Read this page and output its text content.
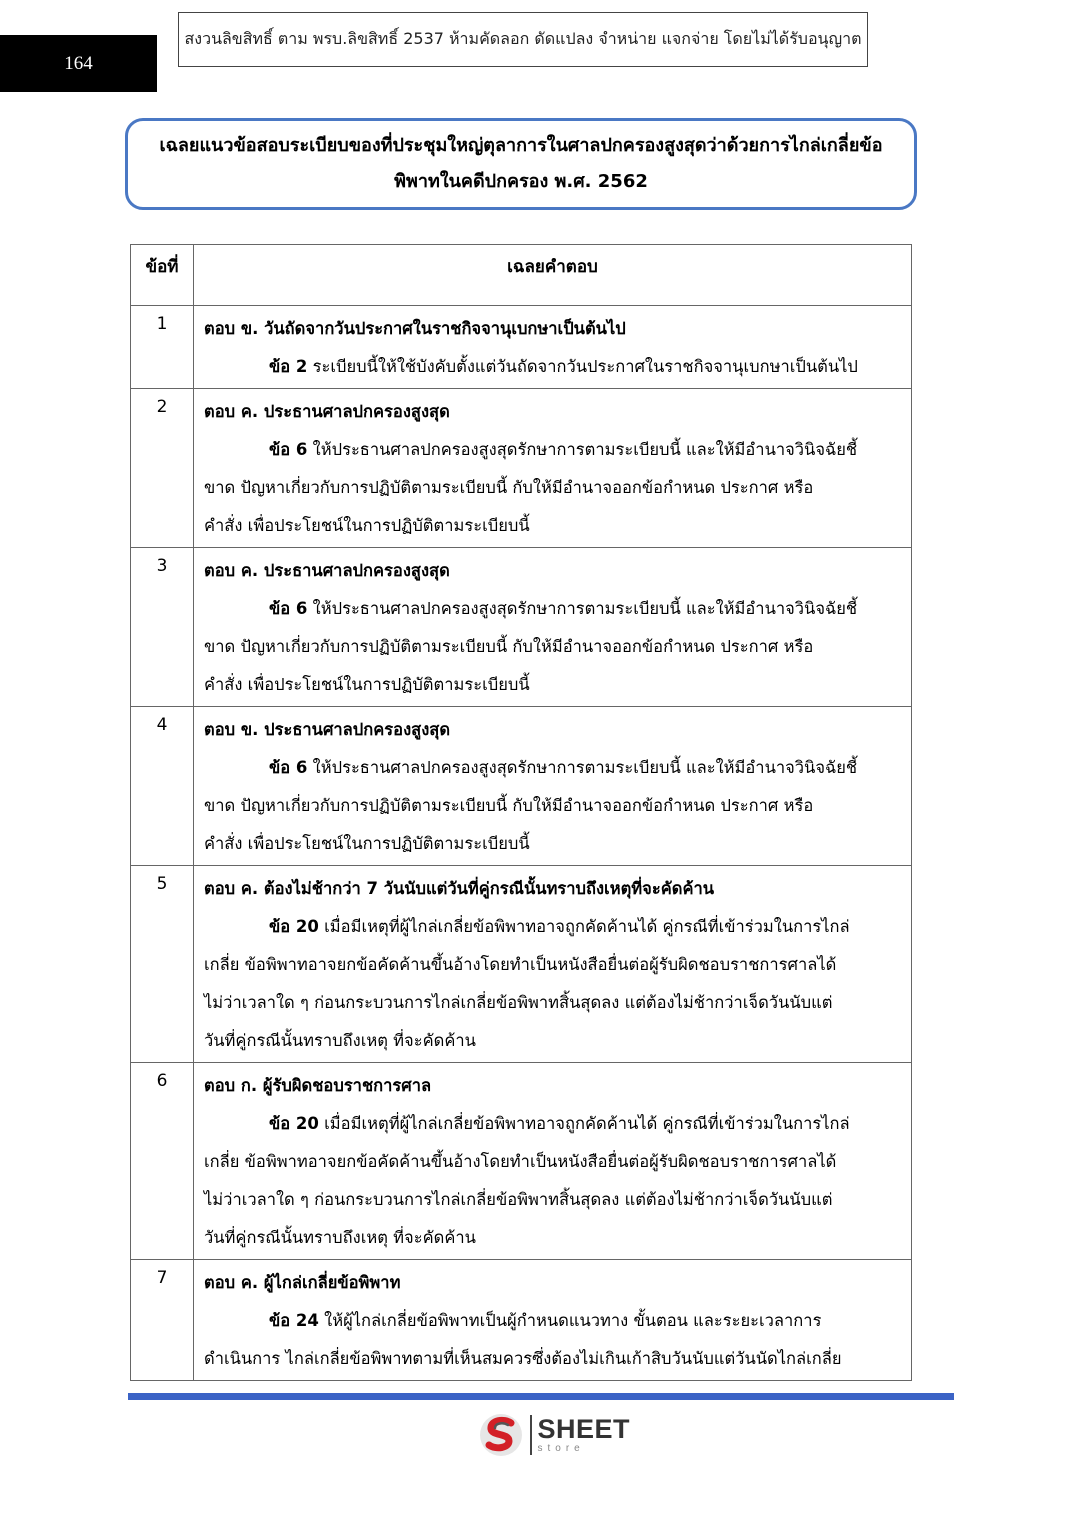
164
สงวนลิขสิทธิ์ ตาม พรบ.ลิขสิทธิ์ 2537 ห้ามคัดลอก ดัดแปลง จำหน่าย แจกจ่าย โดยไม่ได้รับอนุญาต
เฉลยแนวข้อสอบระเบียบของที่ประชุมใหญ่ตุลาการในศาลปกครองสูงสุดว่าด้วยการไกล่เกลี่ยข้อ
พิพาทในคดีปกครอง พ.ศ. 2562
ข้อที่	เฉลยคำตอบ
1	ตอบ ข. วันถัดจากวันประกาศในราชกิจจานุเบกษาเป็นต้นไป
ข้อ 2 ระเบียบนี้ให้ใช้บังคับตั้งแต่วันถัดจากวันประกาศในราชกิจจานุเบกษาเป็นต้นไป

2	ตอบ ค. ประธานศาลปกครองสูงสุด
ข้อ 6 ให้ประธานศาลปกครองสูงสุดรักษาการตามระเบียบนี้ และให้มีอำนาจวินิจฉัยชี้
ขาด ปัญหาเกี่ยวกับการปฏิบัติตามระเบียบนี้ กับให้มีอำนาจออกข้อกำหนด ประกาศ หรือ
คำสั่ง เพื่อประโยชน์ในการปฏิบัติตามระเบียบนี้

3	ตอบ ค. ประธานศาลปกครองสูงสุด
ข้อ 6 ให้ประธานศาลปกครองสูงสุดรักษาการตามระเบียบนี้ และให้มีอำนาจวินิจฉัยชี้
ขาด ปัญหาเกี่ยวกับการปฏิบัติตามระเบียบนี้ กับให้มีอำนาจออกข้อกำหนด ประกาศ หรือ
คำสั่ง เพื่อประโยชน์ในการปฏิบัติตามระเบียบนี้

4	ตอบ ข. ประธานศาลปกครองสูงสุด
ข้อ 6 ให้ประธานศาลปกครองสูงสุดรักษาการตามระเบียบนี้ และให้มีอำนาจวินิจฉัยชี้
ขาด ปัญหาเกี่ยวกับการปฏิบัติตามระเบียบนี้ กับให้มีอำนาจออกข้อกำหนด ประกาศ หรือ
คำสั่ง เพื่อประโยชน์ในการปฏิบัติตามระเบียบนี้

5	ตอบ ค. ต้องไม่ช้ากว่า 7 วันนับแต่วันที่คู่กรณีนั้นทราบถึงเหตุที่จะคัดค้าน
ข้อ 20 เมื่อมีเหตุที่ผู้ไกล่เกลี่ยข้อพิพาทอาจถูกคัดค้านได้ คู่กรณีที่เข้าร่วมในการไกล่
เกลี่ย ข้อพิพาทอาจยกข้อคัดค้านขึ้นอ้างโดยทำเป็นหนังสือยื่นต่อผู้รับผิดชอบราชการศาลได้
ไม่ว่าเวลาใด ๆ ก่อนกระบวนการไกล่เกลี่ยข้อพิพาทสิ้นสุดลง แต่ต้องไม่ช้ากว่าเจ็ดวันนับแต่
วันที่คู่กรณีนั้นทราบถึงเหตุ ที่จะคัดค้าน

6	ตอบ ก. ผู้รับผิดชอบราชการศาล
ข้อ 20 เมื่อมีเหตุที่ผู้ไกล่เกลี่ยข้อพิพาทอาจถูกคัดค้านได้ คู่กรณีที่เข้าร่วมในการไกล่
เกลี่ย ข้อพิพาทอาจยกข้อคัดค้านขึ้นอ้างโดยทำเป็นหนังสือยื่นต่อผู้รับผิดชอบราชการศาลได้
ไม่ว่าเวลาใด ๆ ก่อนกระบวนการไกล่เกลี่ยข้อพิพาทสิ้นสุดลง แต่ต้องไม่ช้ากว่าเจ็ดวันนับแต่
วันที่คู่กรณีนั้นทราบถึงเหตุ ที่จะคัดค้าน

7	ตอบ ค. ผู้ไกล่เกลี่ยข้อพิพาท
ข้อ 24 ให้ผู้ไกล่เกลี่ยข้อพิพาทเป็นผู้กำหนดแนวทาง ขั้นตอน และระยะเวลาการ
ดำเนินการ ไกล่เกลี่ยข้อพิพาทตามที่เห็นสมควรซึ่งต้องไม่เกินเก้าสิบวันนับแต่วันนัดไกล่เกลี่ย
SHEET
store
